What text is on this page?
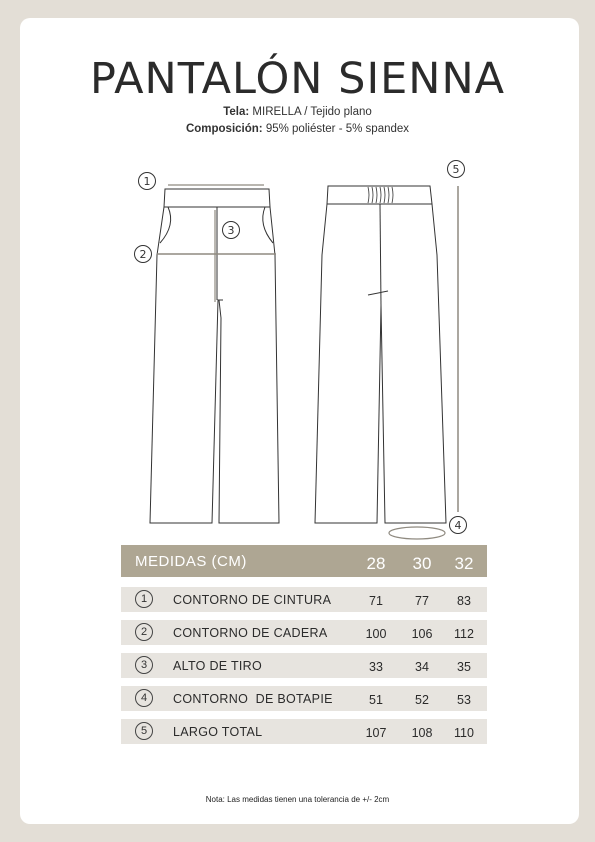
PANTALÓN SIENNA
Tela: MIRELLA / Tejido plano
Composición: 95% poliéster - 5% spandex
1
2
3
4
5
MEDIDAS (CM)	28	30	32
1	CONTORNO DE CINTURA	71	77	83
2	CONTORNO DE CADERA	100	106	112
3	ALTO DE TIRO	33	34	35
4	CONTORNO  DE BOTAPIE	51	52	53
5	LARGO TOTAL	107	108	110
Nota: Las medidas tienen una tolerancia de +/- 2cm
